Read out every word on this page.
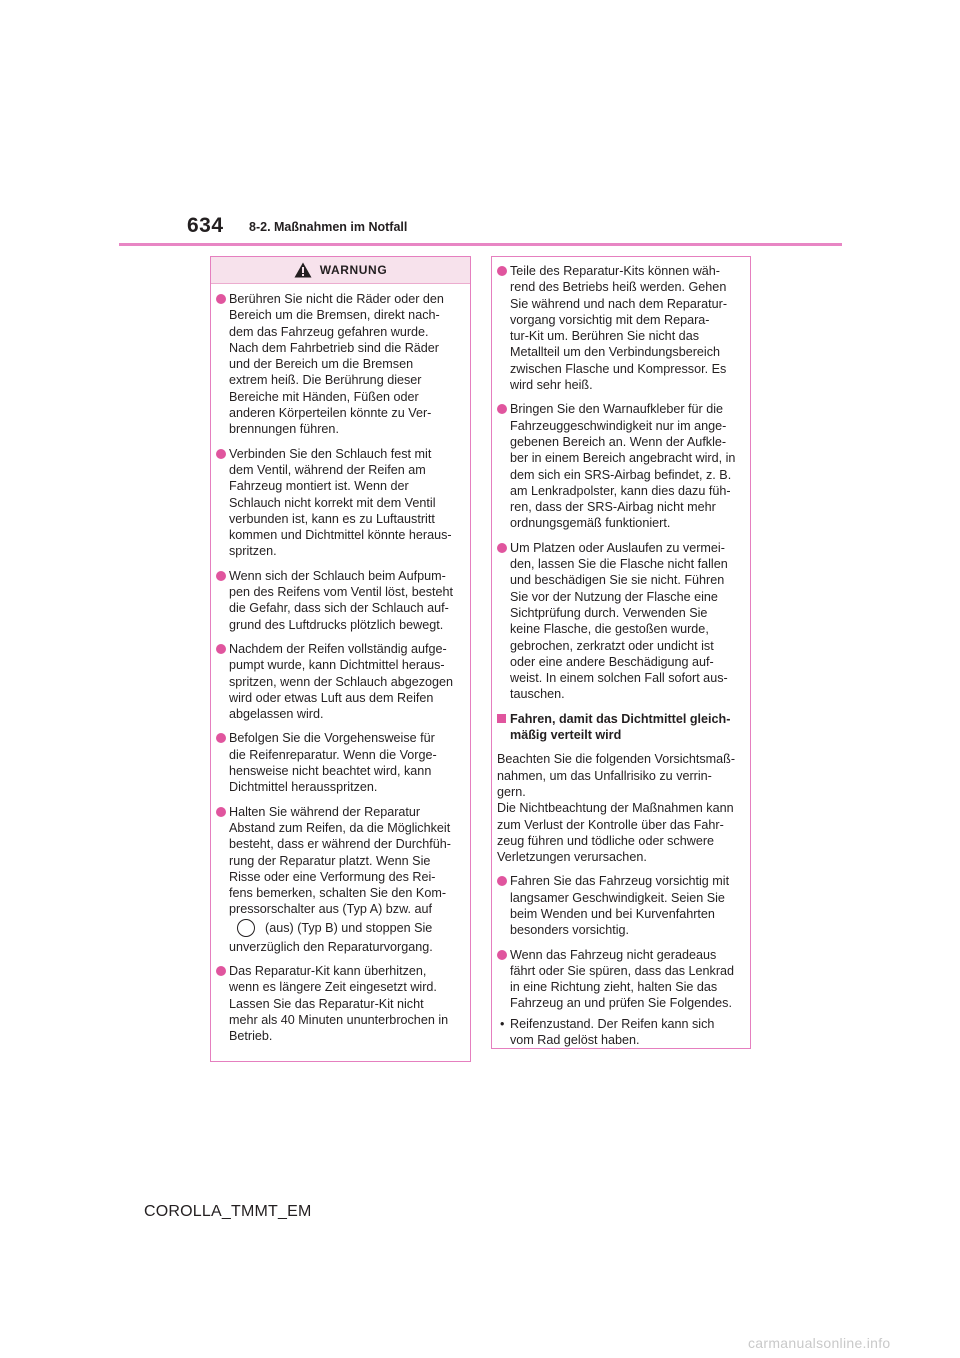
634 8-2. Maßnahmen im Notfall
WARNUNG
Berühren Sie nicht die Räder oder den
Bereich um die Bremsen, direkt nach-
dem das Fahrzeug gefahren wurde.
Nach dem Fahrbetrieb sind die Räder
und der Bereich um die Bremsen
extrem heiß. Die Berührung dieser
Bereiche mit Händen, Füßen oder
anderen Körperteilen könnte zu Ver-
brennungen führen.
Verbinden Sie den Schlauch fest mit
dem Ventil, während der Reifen am
Fahrzeug montiert ist. Wenn der
Schlauch nicht korrekt mit dem Ventil
verbunden ist, kann es zu Luftaustritt
kommen und Dichtmittel könnte heraus-
spritzen.
Wenn sich der Schlauch beim Aufpum-
pen des Reifens vom Ventil löst, besteht
die Gefahr, dass sich der Schlauch auf-
grund des Luftdrucks plötzlich bewegt.
Nachdem der Reifen vollständig aufge-
pumpt wurde, kann Dichtmittel heraus-
spritzen, wenn der Schlauch abgezogen
wird oder etwas Luft aus dem Reifen
abgelassen wird.
Befolgen Sie die Vorgehensweise für
die Reifenreparatur. Wenn die Vorge-
hensweise nicht beachtet wird, kann
Dichtmittel herausspritzen.
Halten Sie während der Reparatur
Abstand zum Reifen, da die Möglichkeit
besteht, dass er während der Durchfüh-
rung der Reparatur platzt. Wenn Sie
Risse oder eine Verformung des Rei-
fens bemerken, schalten Sie den Kom-
pressorschalter aus (Typ A) bzw. auf
(aus) (Typ B) und stoppen Sie
unverzüglich den Reparaturvorgang.
Das Reparatur-Kit kann überhitzen,
wenn es längere Zeit eingesetzt wird.
Lassen Sie das Reparatur-Kit nicht
mehr als 40 Minuten ununterbrochen in
Betrieb.
Teile des Reparatur-Kits können wäh-
rend des Betriebs heiß werden. Gehen
Sie während und nach dem Reparatur-
vorgang vorsichtig mit dem Repara-
tur-Kit um. Berühren Sie nicht das
Metallteil um den Verbindungsbereich
zwischen Flasche und Kompressor. Es
wird sehr heiß.
Bringen Sie den Warnaufkleber für die
Fahrzeuggeschwindigkeit nur im ange-
gebenen Bereich an. Wenn der Aufkle-
ber in einem Bereich angebracht wird, in
dem sich ein SRS-Airbag befindet, z. B.
am Lenkradpolster, kann dies dazu füh-
ren, dass der SRS-Airbag nicht mehr
ordnungsgemäß funktioniert.
Um Platzen oder Auslaufen zu vermei-
den, lassen Sie die Flasche nicht fallen
und beschädigen Sie sie nicht. Führen
Sie vor der Nutzung der Flasche eine
Sichtprüfung durch. Verwenden Sie
keine Flasche, die gestoßen wurde,
gebrochen, zerkratzt oder undicht ist
oder eine andere Beschädigung auf-
weist. In einem solchen Fall sofort aus-
tauschen.
Fahren, damit das Dichtmittel gleich-
mäßig verteilt wird

Beachten Sie die folgenden Vorsichtsmaß-
nahmen, um das Unfallrisiko zu verrin-
gern.

Die Nichtbeachtung der Maßnahmen kann
zum Verlust der Kontrolle über das Fahr-
zeug führen und tödliche oder schwere
Verletzungen verursachen.

Fahren Sie das Fahrzeug vorsichtig mit
langsamer Geschwindigkeit. Seien Sie
beim Wenden und bei Kurvenfahrten
besonders vorsichtig.
Wenn das Fahrzeug nicht geradeaus
fährt oder Sie spüren, dass das Lenkrad
in eine Richtung zieht, halten Sie das
Fahrzeug an und prüfen Sie Folgendes.
• Reifenzustand. Der Reifen kann sich
vom Rad gelöst haben.
COROLLA_TMMT_EM
carmanualsonline.info
